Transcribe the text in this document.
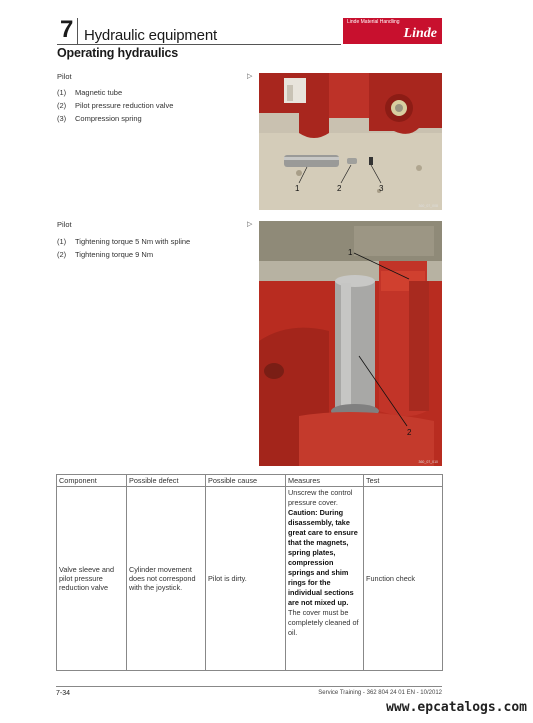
7 Hydraulic equipment
Linde Material Handling
Linde
Operating hydraulics
Pilot	▷
(1) Magnetic tube
(2) Pilot pressure reduction valve
(3) Compression spring
1	2	3
360_07_008
Pilot	▷
(1) Tightening torque 5 Nm with spline
(2) Tightening torque 9 Nm	1
2
360_07_010
Component	Possible defect	Possible cause	Measures	Test
Valve sleeve and pilot pressure reduction valve	Cylinder movement does not correspond with the joystick.	Pilot is dirty.	Unscrew the control pressure cover.
Caution: During disassembly, take great care to ensure that the magnets, spring plates, compression springs and shim rings for the individual sections are not mixed up.
The cover must be completely cleaned of oil.	Function check
7-34	Service Training - 362 804 24 01 EN - 10/2012
www.epcatalogs.com
